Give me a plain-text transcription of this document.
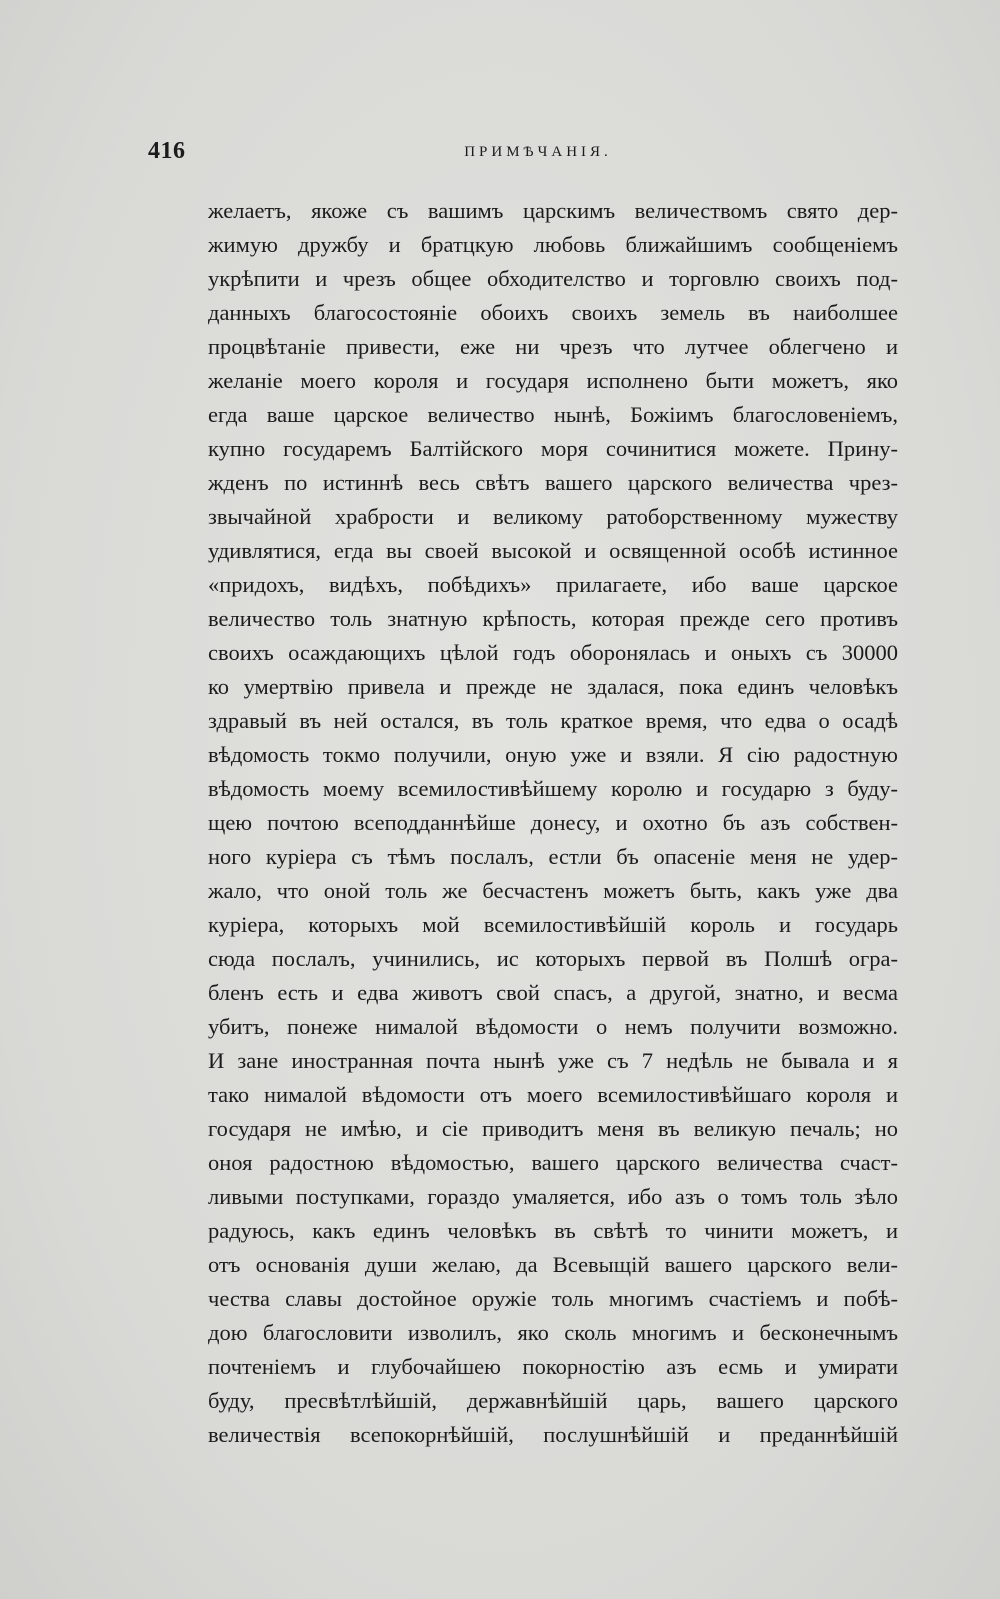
416	ПРИМѢЧАНІЯ.
желаетъ, якоже съ вашимъ царскимъ величествомъ свято дер-
жимую дружбу и братцкую любовь ближайшимъ сообщеніемъ
укрѣпити и чрезъ общее обходителство и торговлю своихъ под-
данныхъ благосостояніе обоихъ своихъ земель въ наиболшее
процвѣтаніе привести, еже ни чрезъ что лутчее облегчено и
желаніе моего короля и государя исполнено быти можетъ, яко
егда ваше царское величество нынѣ, Божіимъ благословеніемъ,
купно государемъ Балтійского моря сочинитися можете. Прину-
жденъ по истиннѣ весь свѣтъ вашего царского величества чрез-
звычайной храбрости и великому ратоборственному мужеству
удивлятися, егда вы своей высокой и освященной особѣ истинное
«придохъ, видѣхъ, побѣдихъ» прилагаете, ибо ваше царское
величество толь знатную крѣпость, которая прежде сего противъ
своихъ осаждающихъ цѣлой годъ оборонялась и оныхъ съ 30000
ко умертвію привела и прежде не здалася, пока единъ человѣкъ
здравый въ ней остался, въ толь краткое время, что едва о осадѣ
вѣдомость токмо получили, оную уже и взяли. Я сію радостную
вѣдомость моему всемилостивѣйшему королю и государю з буду-
щею почтою всеподданнѣйше донесу, и охотно бъ азъ собствен-
ного куріера съ тѣмъ послалъ, естли бъ опасеніе меня не удер-
жало, что оной толь же бесчастенъ можетъ быть, какъ уже два
куріера, которыхъ мой всемилостивѣйшій король и государь
сюда послалъ, учинились, ис которыхъ первой въ Полшѣ огра-
бленъ есть и едва животъ свой спасъ, а другой, знатно, и весма
убитъ, понеже нималой вѣдомости о немъ получити возможно.
И зане иностранная почта нынѣ уже съ 7 недѣль не бывала и я
тако нималой вѣдомости отъ моего всемилостивѣйшаго короля и
государя не имѣю, и сіе приводитъ меня въ великую печаль; но
оноя радостною вѣдомостью, вашего царского величества счаст-
ливыми поступками, гораздо умаляется, ибо азъ о томъ толь зѣло
радуюсь, какъ единъ человѣкъ въ свѣтѣ то чинити можетъ, и
отъ основанія души желаю, да Всевыщій вашего царского вели-
чества славы достойное оружіе толь многимъ счастіемъ и побѣ-
дою благословити изволилъ, яко сколь многимъ и бесконечнымъ
почтеніемъ и глубочайшею покорностію азъ есмь и умирати
буду, пресвѣтлѣйшій, державнѣйшій царь, вашего царского
величествія всепокорнѣйшій, послушнѣйшій и преданнѣйшій
